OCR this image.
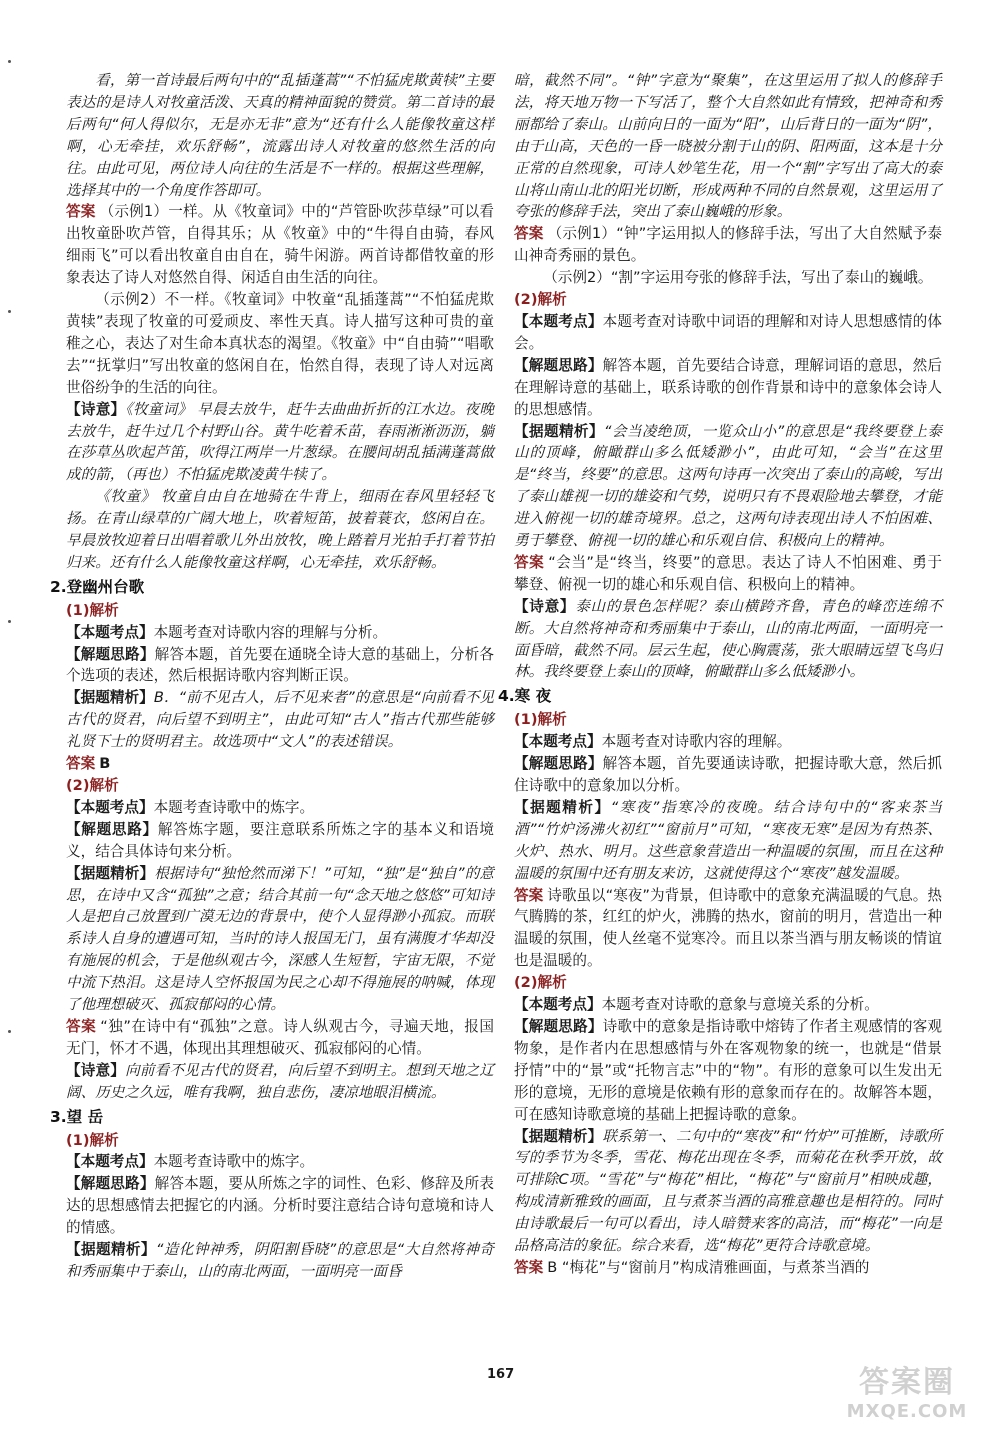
看，第一首诗最后两句中的“乱插蓬蒿”“不怕猛虎欺黄犊”主要表达的是诗人对牧童活泼、天真的精神面貌的赞赏。第二首诗的最后两句“何人得似尔，无是亦无非”意为“还有什么人能像牧童这样啊，心无牵挂，欢乐舒畅”，流露出诗人对牧童的悠然生活的向往。由此可见，两位诗人向往的生活是不一样的。根据这些理解，选择其中的一个角度作答即可。

答案 （示例1）一样。从《牧童词》中的“芦管卧吹莎草绿”可以看出牧童卧吹芦管，自得其乐；从《牧童》中的“牛得自由骑，春风细雨飞”可以看出牧童自由自在，骑牛闲游。两首诗都借牧童的形象表达了诗人对悠然自得、闲适自由生活的向往。

（示例2）不一样。《牧童词》中牧童“乱插蓬蒿”“不怕猛虎欺黄犊”表现了牧童的可爱顽皮、率性天真。诗人描写这种可贵的童稚之心，表达了对生命本真状态的渴望。《牧童》中“自由骑”“唱歌去”“抚掌归”写出牧童的悠闲自在，怡然自得，表现了诗人对远离世俗纷争的生活的向往。

【诗意】《牧童词》 早晨去放牛，赶牛去曲曲折折的江水边。夜晚去放牛，赶牛过几个村野山谷。黄牛吃着禾苗，春雨淅淅沥沥，躺在莎草丛吹起芦笛，吹得江两岸一片葱绿。在腰间胡乱插满蓬蒿做成的箭，（再也）不怕猛虎欺凌黄牛犊了。

《牧童》 牧童自由自在地骑在牛背上，细雨在春风里轻轻飞扬。在青山绿草的广阔大地上，吹着短笛，披着蓑衣，悠闲自在。早晨放牧迎着日出唱着歌儿外出放牧，晚上踏着月光拍手打着节拍归来。还有什么人能像牧童这样啊，心无牵挂，欢乐舒畅。

2.登幽州台歌

(1)解析

【本题考点】本题考查对诗歌内容的理解与分析。

【解题思路】解答本题，首先要在通晓全诗大意的基础上，分析各个选项的表述，然后根据诗歌内容判断正误。

【据题精析】B．“前不见古人，后不见来者”的意思是“向前看不见古代的贤君，向后望不到明主”，由此可知“古人”指古代那些能够礼贤下士的贤明君主。故选项中“文人”的表述错误。

答案 B

(2)解析

【本题考点】本题考查诗歌中的炼字。

【解题思路】解答炼字题，要注意联系所炼之字的基本义和语境义，结合具体诗句来分析。

【据题精析】根据诗句“独怆然而涕下！”可知，“独”是“独自”的意思，在诗中又含“孤独”之意；结合其前一句“念天地之悠悠”可知诗人是把自己放置到广漠无边的背景中，使个人显得渺小孤寂。而联系诗人自身的遭遇可知，当时的诗人报国无门，虽有满腹才华却没有施展的机会，于是他纵观古今，深感人生短暂，宇宙无限，不觉中流下热泪。这是诗人空怀报国为民之心却不得施展的呐喊，体现了他理想破灭、孤寂郁闷的心情。

答案 “独”在诗中有“孤独”之意。诗人纵观古今，寻遍天地，报国无门，怀才不遇，体现出其理想破灭、孤寂郁闷的心情。

【诗意】向前看不见古代的贤君，向后望不到明主。想到天地之辽阔、历史之久远，唯有我啊，独自悲伤，凄凉地眼泪横流。

3.望 岳

(1)解析

【本题考点】本题考查诗歌中的炼字。

【解题思路】解答本题，要从所炼之字的词性、色彩、修辞及所表达的思想感情去把握它的内涵。分析时要注意结合诗句意境和诗人的情感。

【据题精析】“造化钟神秀，阴阳割昏晓”的意思是“大自然将神奇和秀丽集中于泰山，山的南北两面，一面明亮一面昏

暗，截然不同”。“钟”字意为“聚集”，在这里运用了拟人的修辞手法，将天地万物一下写活了，整个大自然如此有情致，把神奇和秀丽都给了泰山。山前向日的一面为“阳”，山后背日的一面为“阴”，由于山高，天色的一昏一晓被分割于山的阴、阳两面，这本是十分正常的自然现象，可诗人妙笔生花，用一个“割”字写出了高大的泰山将山南山北的阳光切断，形成两种不同的自然景观，这里运用了夸张的修辞手法，突出了泰山巍峨的形象。

答案 （示例1）“钟”字运用拟人的修辞手法，写出了大自然赋予泰山神奇秀丽的景色。

（示例2）“割”字运用夸张的修辞手法，写出了泰山的巍峨。

(2)解析

【本题考点】本题考查对诗歌中词语的理解和对诗人思想感情的体会。

【解题思路】解答本题，首先要结合诗意，理解词语的意思，然后在理解诗意的基础上，联系诗歌的创作背景和诗中的意象体会诗人的思想感情。

【据题精析】“会当凌绝顶，一览众山小”的意思是“我终要登上泰山的顶峰，俯瞰群山多么低矮渺小”，由此可知，“会当”在这里是“终当，终要”的意思。这两句诗再一次突出了泰山的高峻，写出了泰山雄视一切的雄姿和气势，说明只有不畏艰险地去攀登，才能进入俯视一切的雄奇境界。总之，这两句诗表现出诗人不怕困难、勇于攀登、俯视一切的雄心和乐观自信、积极向上的精神。

答案 “会当”是“终当，终要”的意思。表达了诗人不怕困难、勇于攀登、俯视一切的雄心和乐观自信、积极向上的精神。

【诗意】泰山的景色怎样呢？泰山横跨齐鲁，青色的峰峦连绵不断。大自然将神奇和秀丽集中于泰山，山的南北两面，一面明亮一面昏暗，截然不同。层云生起，使心胸震荡，张大眼睛远望飞鸟归林。我终要登上泰山的顶峰，俯瞰群山多么低矮渺小。

4.寒 夜

(1)解析

【本题考点】本题考查对诗歌内容的理解。

【解题思路】解答本题，首先要通读诗歌，把握诗歌大意，然后抓住诗歌中的意象加以分析。

【据题精析】“寒夜”指寒冷的夜晚。结合诗句中的“客来茶当酒”“竹炉汤沸火初红”“窗前月”可知，“寒夜无寒”是因为有热茶、火炉、热水、明月。这些意象营造出一种温暖的氛围，而且在这种温暖的氛围中还有朋友来访，这就使得这个“寒夜”越发温暖。

答案 诗歌虽以“寒夜”为背景，但诗歌中的意象充满温暖的气息。热气腾腾的茶，红红的炉火，沸腾的热水，窗前的明月，营造出一种温暖的氛围，使人丝毫不觉寒冷。而且以茶当酒与朋友畅谈的情谊也是温暖的。

(2)解析

【本题考点】本题考查对诗歌的意象与意境关系的分析。

【解题思路】诗歌中的意象是指诗歌中熔铸了作者主观感情的客观物象，是作者内在思想感情与外在客观物象的统一，也就是“借景抒情”中的“景”或“托物言志”中的“物”。有形的意象可以生发出无形的意境，无形的意境是依赖有形的意象而存在的。故解答本题，可在感知诗歌意境的基础上把握诗歌的意象。

【据题精析】联系第一、二句中的“寒夜”和“竹炉”可推断，诗歌所写的季节为冬季，雪花、梅花出现在冬季，而菊花在秋季开放，故可排除C项。“雪花”与“梅花”相比，“梅花”与“窗前月”相映成趣，构成清新雅致的画面，且与煮茶当酒的高雅意趣也是相符的。同时由诗歌最后一句可以看出，诗人暗赞来客的高洁，而“梅花”一向是品格高洁的象征。综合来看，选“梅花”更符合诗歌意境。

答案 B “梅花”与“窗前月”构成清雅画面，与煮茶当酒的

167	答案圈
MXQE.COM
